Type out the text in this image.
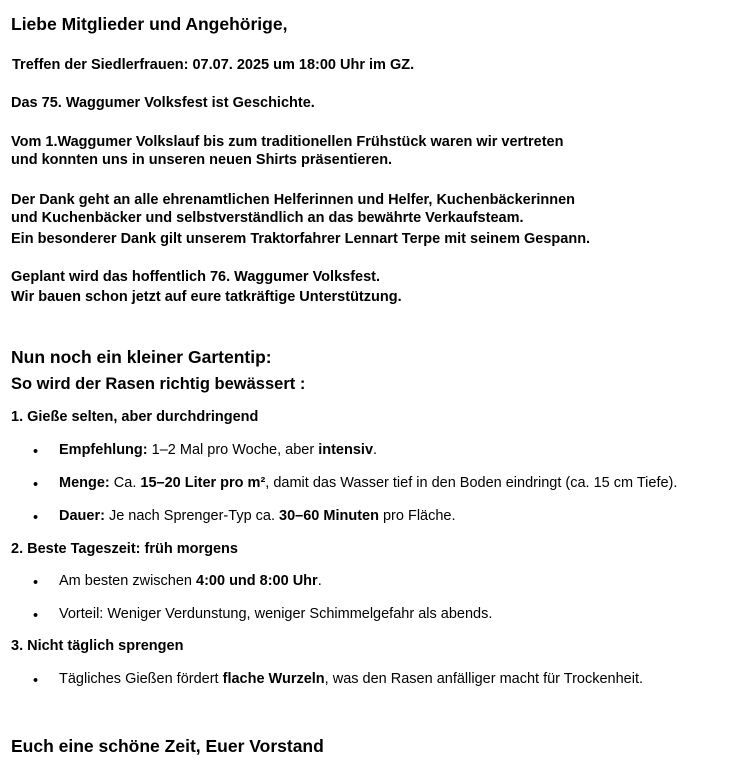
Liebe Mitglieder und Angehörige,

Treffen der Siedlerfrauen: 07.07. 2025 um 18:00 Uhr im GZ.

Das 75. Waggumer Volksfest ist Geschichte.

Vom 1.Waggumer Volkslauf bis zum traditionellen Frühstück waren wir vertreten

und konnten uns in unseren neuen Shirts präsentieren.

Der Dank geht an alle ehrenamtlichen Helferinnen und Helfer, Kuchenbäckerinnen

und Kuchenbäcker und selbstverständlich an das bewährte Verkaufsteam.

Ein besonderer Dank gilt unserem Traktorfahrer Lennart Terpe mit seinem Gespann.

Geplant wird das hoffentlich 76. Waggumer Volksfest.

Wir bauen schon jetzt auf eure tatkräftige Unterstützung.

Nun noch ein kleiner Gartentip:
So wird der Rasen richtig bewässert :

1. Gieße selten, aber durchdringend

• Empfehlung: 1–2 Mal pro Woche, aber intensiv.
• Menge: Ca. 15–20 Liter pro m², damit das Wasser tief in den Boden eindringt (ca. 15 cm Tiefe).
• Dauer: Je nach Sprenger-Typ ca. 30–60 Minuten pro Fläche.

2. Beste Tageszeit: früh morgens

• Am besten zwischen 4:00 und 8:00 Uhr.
• Vorteil: Weniger Verdunstung, weniger Schimmelgefahr als abends.

3. Nicht täglich sprengen

• Tägliches Gießen fördert flache Wurzeln, was den Rasen anfälliger macht für Trockenheit.
Euch eine schöne Zeit, Euer Vorstand
